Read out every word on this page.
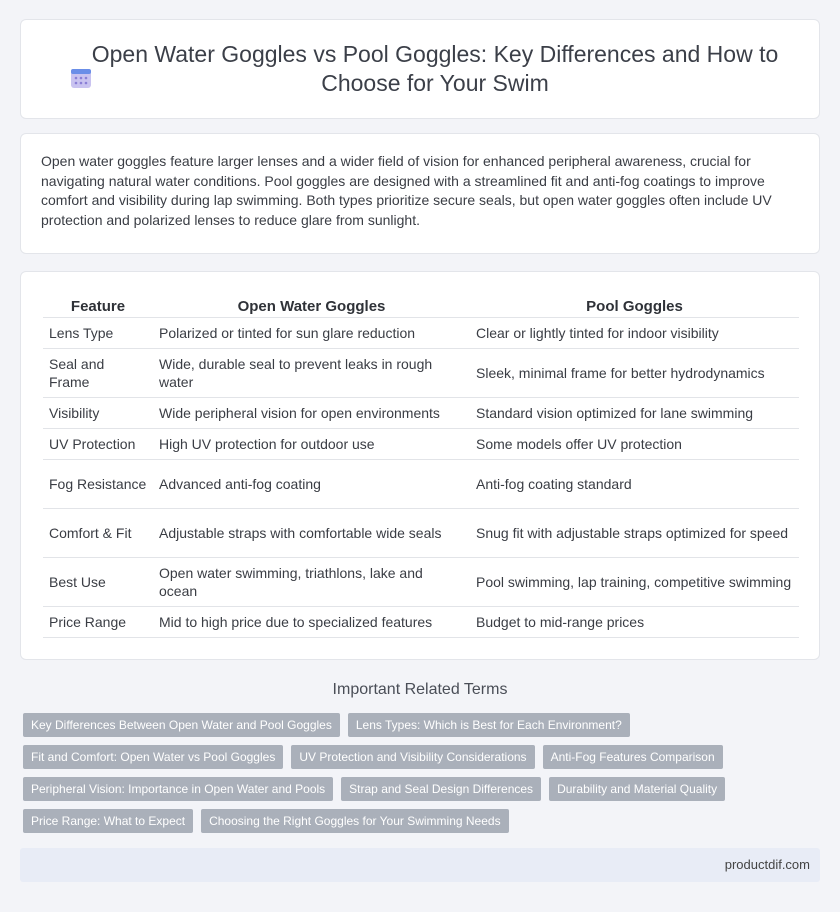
Open Water Goggles vs Pool Goggles: Key Differences and How to Choose for Your Swim

Open water goggles feature larger lenses and a wider field of vision for enhanced peripheral awareness, crucial for navigating natural water conditions. Pool goggles are designed with a streamlined fit and anti-fog coatings to improve comfort and visibility during lap swimming. Both types prioritize secure seals, but open water goggles often include UV protection and polarized lenses to reduce glare from sunlight.

Feature	Open Water Goggles	Pool Goggles
Lens Type	Polarized or tinted for sun glare reduction	Clear or lightly tinted for indoor visibility
Seal and Frame	Wide, durable seal to prevent leaks in rough water	Sleek, minimal frame for better hydrodynamics
Visibility	Wide peripheral vision for open environments	Standard vision optimized for lane swimming
UV Protection	High UV protection for outdoor use	Some models offer UV protection
Fog Resistance	Advanced anti-fog coating	Anti-fog coating standard
Comfort & Fit	Adjustable straps with comfortable wide seals	Snug fit with adjustable straps optimized for speed
Best Use	Open water swimming, triathlons, lake and ocean	Pool swimming, lap training, competitive swimming
Price Range	Mid to high price due to specialized features	Budget to mid-range prices
Important Related Terms
Key Differences Between Open Water and Pool Goggles	Lens Types: Which is Best for Each Environment?
Fit and Comfort: Open Water vs Pool Goggles	UV Protection and Visibility Considerations	Anti-Fog Features Comparison
Peripheral Vision: Importance in Open Water and Pools	Strap and Seal Design Differences	Durability and Material Quality
Price Range: What to Expect	Choosing the Right Goggles for Your Swimming Needs
productdif.com
